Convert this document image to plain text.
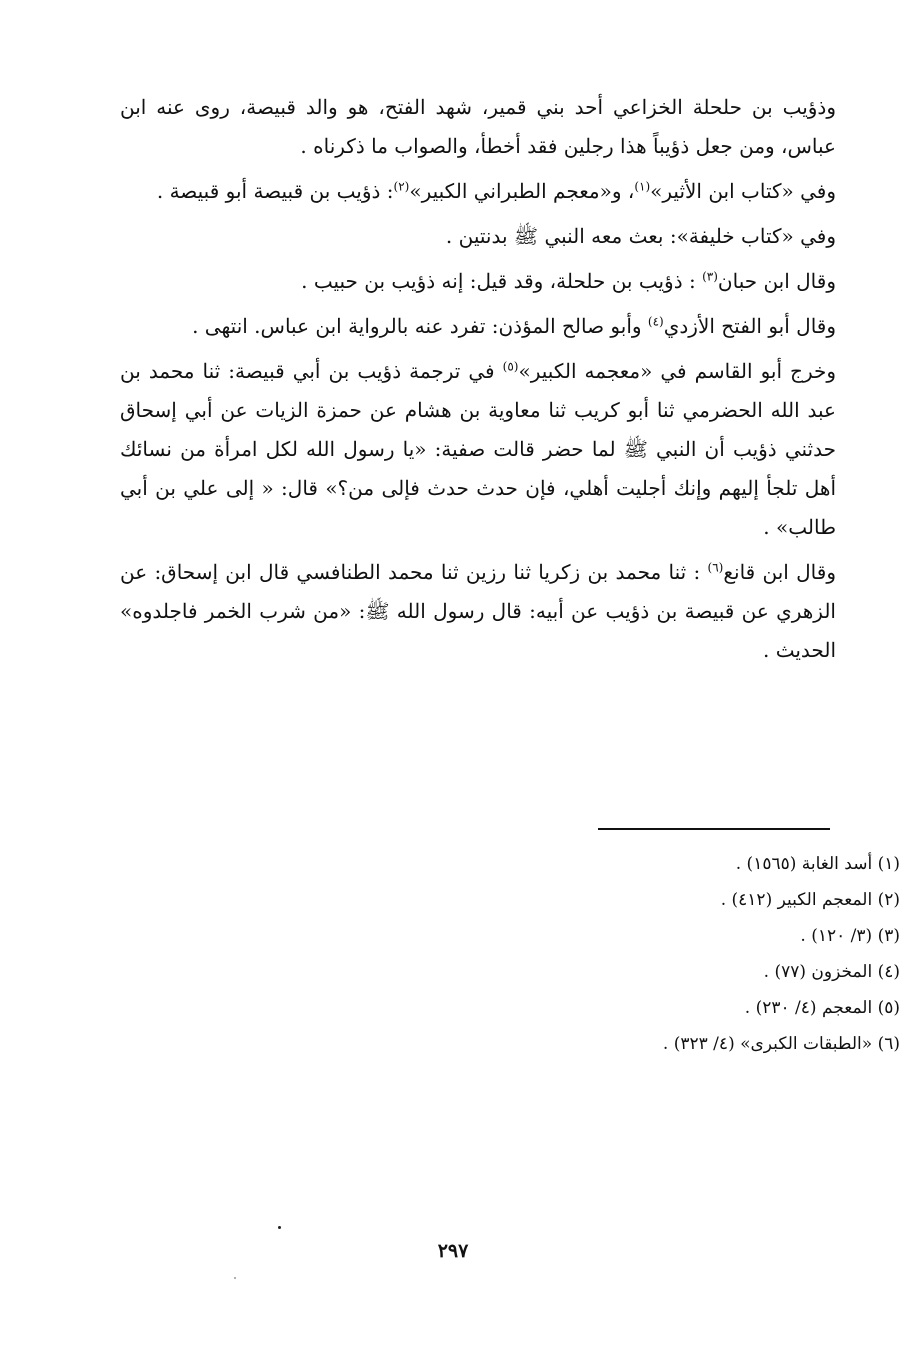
وذؤيب بن حلحلة الخزاعي أحد بني قمير، شهد الفتح، هو والد قبيصة، روى عنه ابن عباس، ومن جعل ذؤيباً هذا رجلين فقد أخطأ، والصواب ما ذكرناه .

وفي «كتاب ابن الأثير»$^{(١)}$، و«معجم الطبراني الكبير»$^{(٢)}$: ذؤيب بن قبيصة أبو قبيصة .

وفي «كتاب خليفة»: بعث معه النبي ﷺ بدنتين .

وقال ابن حبان$^{(٣)}$ : ذؤيب بن حلحلة، وقد قيل: إنه ذؤيب بن حبيب .

وقال أبو الفتح الأزدي$^{(٤)}$ وأبو صالح المؤذن: تفرد عنه بالرواية ابن عباس. انتهى .

وخرج أبو القاسم في «معجمه الكبير»$^{(٥)}$ في ترجمة ذؤيب بن أبي قبيصة: ثنا محمد بن عبد الله الحضرمي ثنا أبو كريب ثنا معاوية بن هشام عن حمزة الزيات عن أبي إسحاق حدثني ذؤيب أن النبي ﷺ لما حضر قالت صفية: «يا رسول الله لكل امرأة من نسائك أهل تلجأ إليهم وإنك أجليت أهلي، فإن حدث حدث فإلى من؟» قال: « إلى علي بن أبي طالب» .

وقال ابن قانع$^{(٦)}$ : ثنا محمد بن زكريا ثنا رزين ثنا محمد الطنافسي قال ابن إسحاق: عن الزهري عن قبيصة بن ذؤيب عن أبيه: قال رسول الله ﷺ: «من شرب الخمر فاجلدوه» الحديث .

(١) أسد الغابة (١٥٦٥) .
(٢) المعجم الكبير (٤١٢) .
(٣) (٣/ ١٢٠) .
(٤) المخزون (٧٧) .
(٥) المعجم (٤/ ٢٣٠) .
(٦) «الطبقات الكبرى» (٤/ ٣٢٣) .
٢٩٧
